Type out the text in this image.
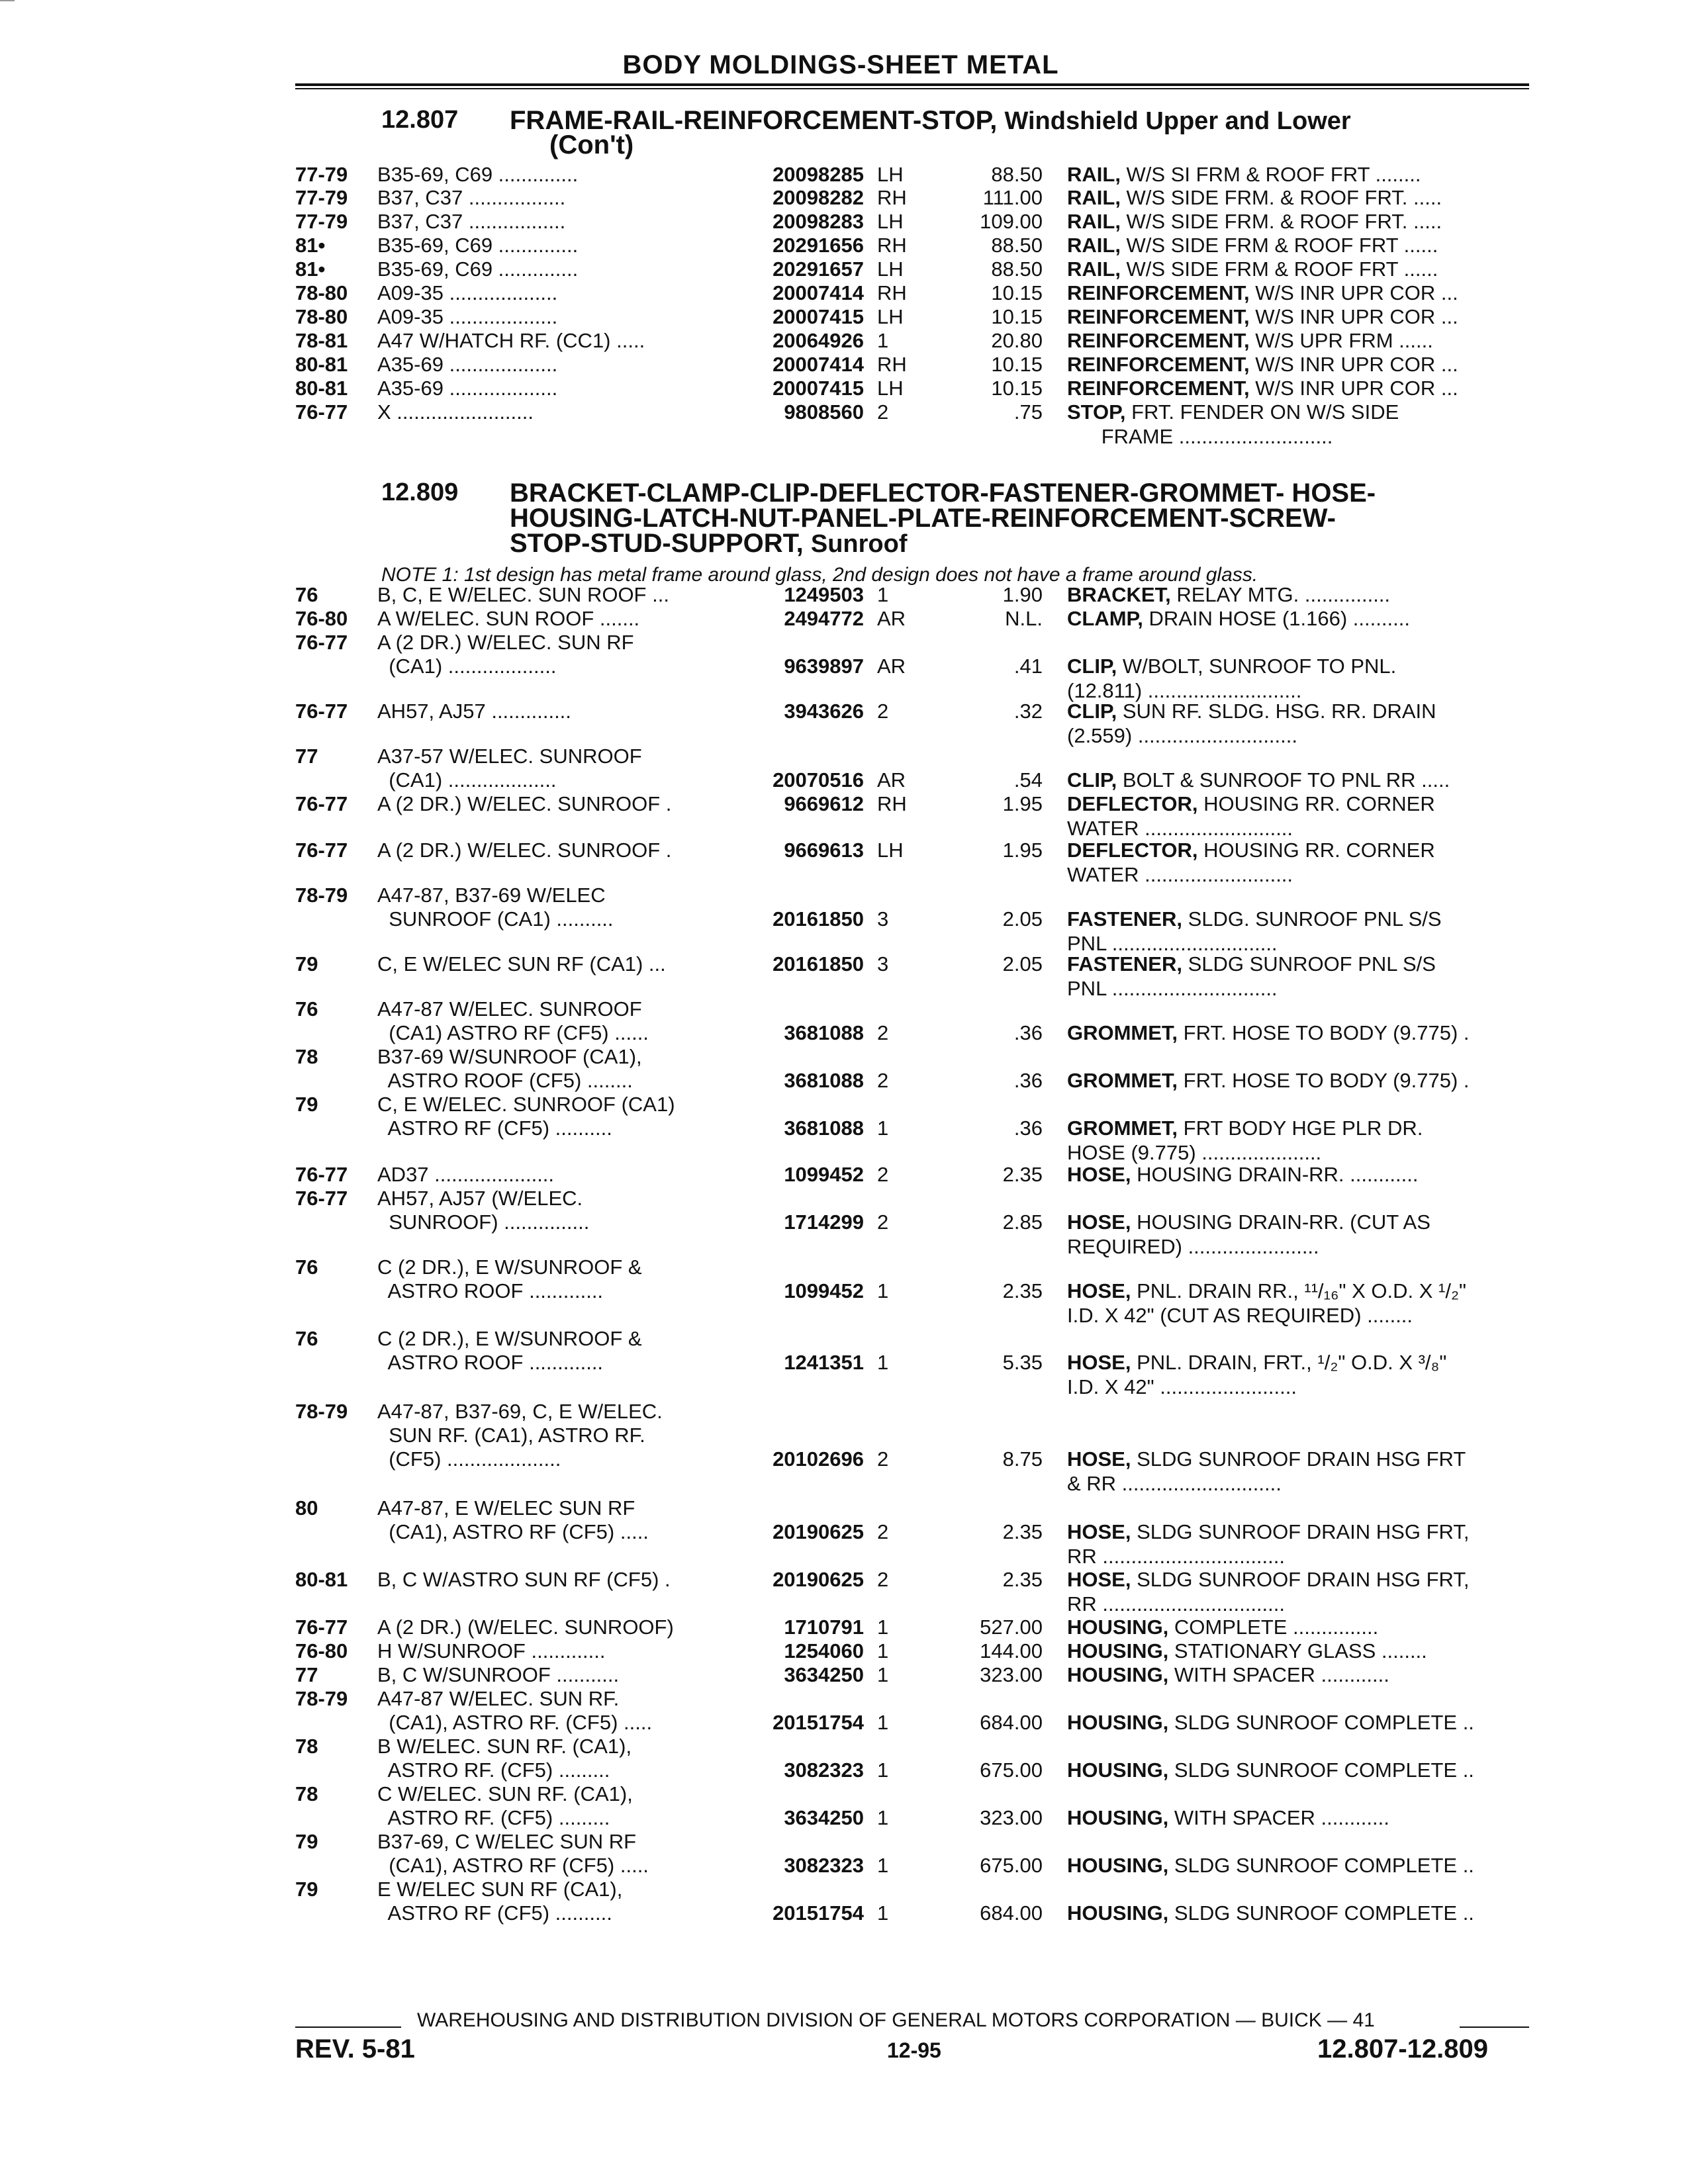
BODY MOLDINGS-SHEET METAL
12.807 FRAME-RAIL-REINFORCEMENT-STOP, Windshield Upper and Lower
(Con't)
77-79	B35-69, C69 ..............	20098285 LH	88.50 RAIL, W/S SI FRM & ROOF FRT ........
77-79	B37, C37 .................	20098282 RH	111.00 RAIL, W/S SIDE FRM. & ROOF FRT. .....
77-79	B37, C37 .................	20098283 LH	109.00 RAIL, W/S SIDE FRM. & ROOF FRT. .....
81•	B35-69, C69 ..............	20291656 RH	88.50 RAIL, W/S SIDE FRM & ROOF FRT ......
81•	B35-69, C69 ..............	20291657 LH	88.50 RAIL, W/S SIDE FRM & ROOF FRT ......
78-80	A09-35 ...................	20007414 RH	10.15 REINFORCEMENT, W/S INR UPR COR ...
78-80	A09-35 ...................	20007415 LH	10.15 REINFORCEMENT, W/S INR UPR COR ...
78-81	A47 W/HATCH RF. (CC1) .....	20064926 1	20.80 REINFORCEMENT, W/S UPR FRM ......
80-81	A35-69 ...................	20007414 RH	10.15 REINFORCEMENT, W/S INR UPR COR ...
80-81	A35-69 ...................	20007415 LH	10.15 REINFORCEMENT, W/S INR UPR COR ...
76-77	X ........................	9808560 2	.75 STOP, FRT. FENDER ON W/S SIDE
FRAME ...........................
12.809 BRACKET-CLAMP-CLIP-DEFLECTOR-FASTENER-GROMMET- HOSE-
HOUSING-LATCH-NUT-PANEL-PLATE-REINFORCEMENT-SCREW-
STOP-STUD-SUPPORT, Sunroof
NOTE 1: 1st design has metal frame around glass, 2nd design does not have a frame around glass.
76	B, C, E W/ELEC. SUN ROOF ...	1249503 1	1.90 BRACKET, RELAY MTG. ...............
76-80	A W/ELEC. SUN ROOF .......	2494772 AR	N.L. CLAMP, DRAIN HOSE (1.166) ..........
76-77	A (2 DR.) W/ELEC. SUN RF
(CA1) ...................	9639897 AR	.41 CLIP, W/BOLT, SUNROOF TO PNL.
(12.811) ...........................
76-77	AH57, AJ57 ..............	3943626 2	.32 CLIP, SUN RF. SLDG. HSG. RR. DRAIN
(2.559) ............................
77	A37-57 W/ELEC. SUNROOF
(CA1) ...................	20070516 AR	.54 CLIP, BOLT & SUNROOF TO PNL RR .....
76-77	A (2 DR.) W/ELEC. SUNROOF .	9669612 RH	1.95 DEFLECTOR, HOUSING RR. CORNER
WATER ..........................
76-77	A (2 DR.) W/ELEC. SUNROOF .	9669613 LH	1.95 DEFLECTOR, HOUSING RR. CORNER
WATER ..........................
78-79	A47-87, B37-69 W/ELEC
SUNROOF (CA1) ..........	20161850 3	2.05 FASTENER, SLDG. SUNROOF PNL S/S
PNL .............................
79	C, E W/ELEC SUN RF (CA1) ...	20161850 3	2.05 FASTENER, SLDG SUNROOF PNL S/S
PNL .............................
76	A47-87 W/ELEC. SUNROOF
(CA1) ASTRO RF (CF5) ......	3681088 2	.36 GROMMET, FRT. HOSE TO BODY (9.775) .
78	B37-69 W/SUNROOF (CA1),
ASTRO ROOF (CF5) ........	3681088 2	.36 GROMMET, FRT. HOSE TO BODY (9.775) .
79	C, E W/ELEC. SUNROOF (CA1)
ASTRO RF (CF5) ..........	3681088 1	.36 GROMMET, FRT BODY HGE PLR DR.
HOSE (9.775) .....................
76-77	AD37 .....................	1099452 2	2.35 HOSE, HOUSING DRAIN-RR. ............
76-77	AH57, AJ57 (W/ELEC.
SUNROOF) ...............	1714299 2	2.85 HOSE, HOUSING DRAIN-RR. (CUT AS
REQUIRED) .......................
76	C (2 DR.), E W/SUNROOF &
ASTRO ROOF .............	1099452 1	2.35 HOSE, PNL. DRAIN RR., ¹¹/₁₆" X O.D. X ¹/₂"
I.D. X 42" (CUT AS REQUIRED) ........
76	C (2 DR.), E W/SUNROOF &
ASTRO ROOF .............	1241351 1	5.35 HOSE, PNL. DRAIN, FRT., ¹/₂" O.D. X ³/₈"
I.D. X 42" ........................
78-79	A47-87, B37-69, C, E W/ELEC.
SUN RF. (CA1), ASTRO RF.
(CF5) ....................	20102696 2	8.75 HOSE, SLDG SUNROOF DRAIN HSG FRT
& RR ............................
80	A47-87, E W/ELEC SUN RF
(CA1), ASTRO RF (CF5) .....	20190625 2	2.35 HOSE, SLDG SUNROOF DRAIN HSG FRT,
RR ................................
80-81	B, C W/ASTRO SUN RF (CF5) .	20190625 2	2.35 HOSE, SLDG SUNROOF DRAIN HSG FRT,
RR ................................
76-77	A (2 DR.) (W/ELEC. SUNROOF)	1710791 1	527.00 HOUSING, COMPLETE ...............
76-80	H W/SUNROOF .............	1254060 1	144.00 HOUSING, STATIONARY GLASS ........
77	B, C W/SUNROOF ...........	3634250 1	323.00 HOUSING, WITH SPACER ............
78-79	A47-87 W/ELEC. SUN RF.
(CA1), ASTRO RF. (CF5) .....	20151754 1	684.00 HOUSING, SLDG SUNROOF COMPLETE ..
78	B W/ELEC. SUN RF. (CA1),
ASTRO RF. (CF5) .........	3082323 1	675.00 HOUSING, SLDG SUNROOF COMPLETE ..
78	C W/ELEC. SUN RF. (CA1),
ASTRO RF. (CF5) .........	3634250 1	323.00 HOUSING, WITH SPACER ............
79	B37-69, C W/ELEC SUN RF
(CA1), ASTRO RF (CF5) .....	3082323 1	675.00 HOUSING, SLDG SUNROOF COMPLETE ..
79	E W/ELEC SUN RF (CA1),
ASTRO RF (CF5) ..........	20151754 1	684.00 HOUSING, SLDG SUNROOF COMPLETE ..
WAREHOUSING AND DISTRIBUTION DIVISION OF GENERAL MOTORS CORPORATION — BUICK — 41
REV. 5-81	12-95	12.807-12.809
